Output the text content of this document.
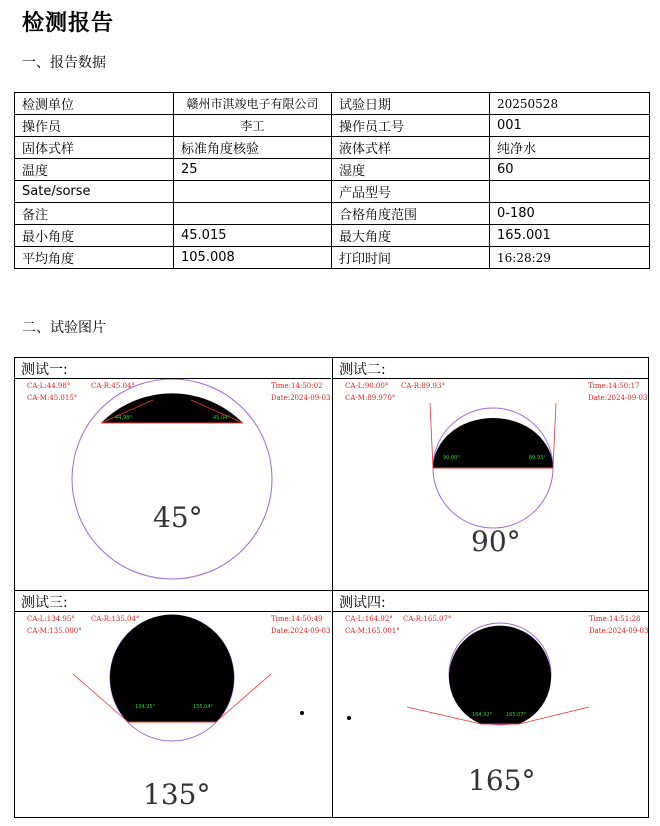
检测报告
一、报告数据
检测单位	赣州市淇竣电子有限公司	试验日期	20250528
操作员	李工	操作员工号	001
固体式样	标准角度核验	液体式样	纯净水
温度	25	湿度	60
Sate/sorse		产品型号	
备注		合格角度范围	0-180
最小角度	45.015	最大角度	165.001
平均角度	105.008	打印时间	16:28:29
二、试验图片
测试一:
CA-L:44.98°	CA-R:45.04°
CA-M:45.015°
Time:14:50:02
Date:2024-09-03
44.98°	45.04°
45°
测试二:
CA-L:90.00° CA-R:89.93°
CA-M:89.970°
Time:14:50:17
Date:2024-09-03
90.00°	89.93°
90°
测试三:
CA-L:134.95° CA-R:135.04°
CA-M:135.000°
Time:14:50:49
Date:2024-09-03
134.95°	135.04°
135°
测试四:
CA-L:164.92° CA-R:165.07°
CA-M:165.001°
Time:14:51:28
Date:2024-09-03
164.92°	165.07°
165°
